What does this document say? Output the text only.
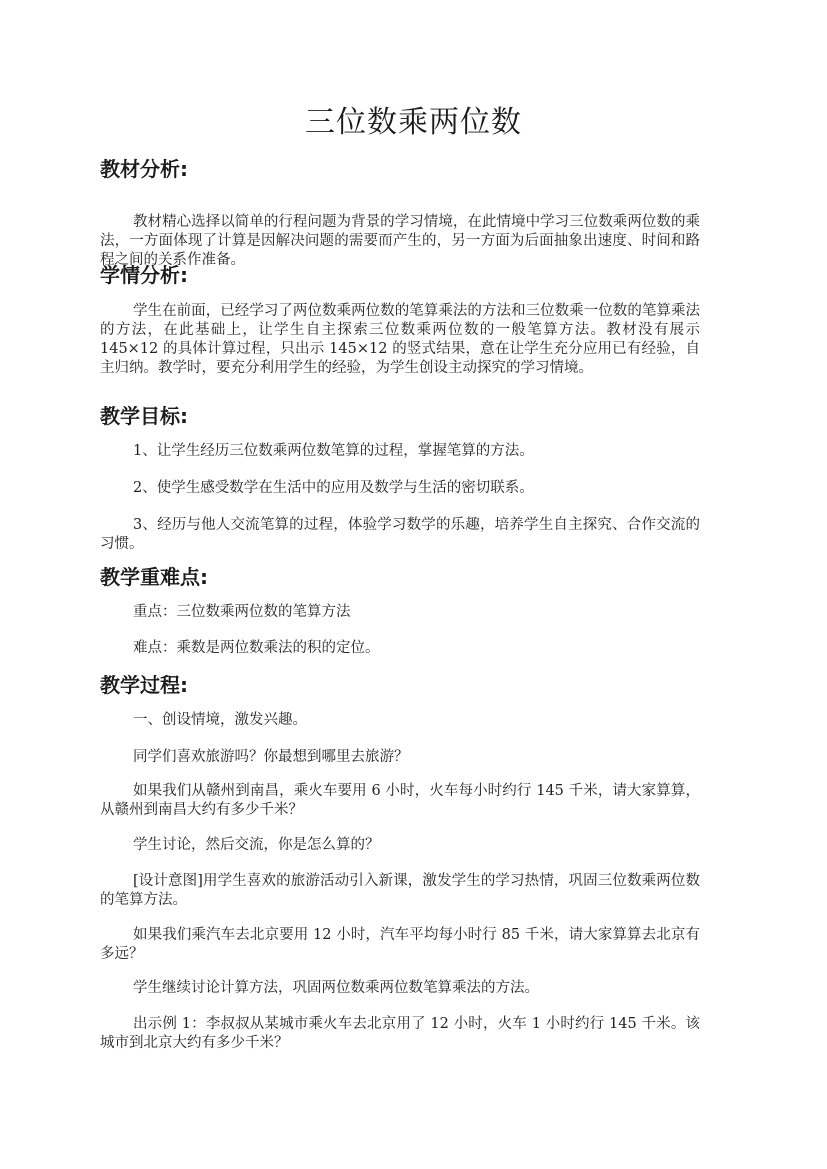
三位数乘两位数
教材分析:
教材精心选择以简单的行程问题为背景的学习情境，在此情境中学习三位数乘两位数的乘法，一方面体现了计算是因解决问题的需要而产生的，另一方面为后面抽象出速度、时间和路程之间的关系作准备。
学情分析:
学生在前面，已经学习了两位数乘两位数的笔算乘法的方法和三位数乘一位数的笔算乘法的方法，在此基础上，让学生自主探索三位数乘两位数的一般笔算方法。教材没有展示 145×12 的具体计算过程，只出示 145×12 的竖式结果，意在让学生充分应用已有经验，自主归纳。教学时，要充分利用学生的经验，为学生创设主动探究的学习情境。
教学目标:
1、让学生经历三位数乘两位数笔算的过程，掌握笔算的方法。
2、使学生感受数学在生活中的应用及数学与生活的密切联系。
3、经历与他人交流笔算的过程，体验学习数学的乐趣，培养学生自主探究、合作交流的习惯。
教学重难点:
重点：三位数乘两位数的笔算方法
难点：乘数是两位数乘法的积的定位。
教学过程:
一、创设情境，激发兴趣。
同学们喜欢旅游吗？你最想到哪里去旅游？
如果我们从赣州到南昌，乘火车要用 6 小时，火车每小时约行 145 千米，请大家算算，从赣州到南昌大约有多少千米？
学生讨论，然后交流，你是怎么算的？
[设计意图]用学生喜欢的旅游活动引入新课，激发学生的学习热情，巩固三位数乘两位数的笔算方法。
如果我们乘汽车去北京要用 12 小时，汽车平均每小时行 85 千米，请大家算算去北京有多远？
学生继续讨论计算方法，巩固两位数乘两位数笔算乘法的方法。
出示例 1：李叔叔从某城市乘火车去北京用了 12 小时，火车 1 小时约行 145 千米。该城市到北京大约有多少千米？
